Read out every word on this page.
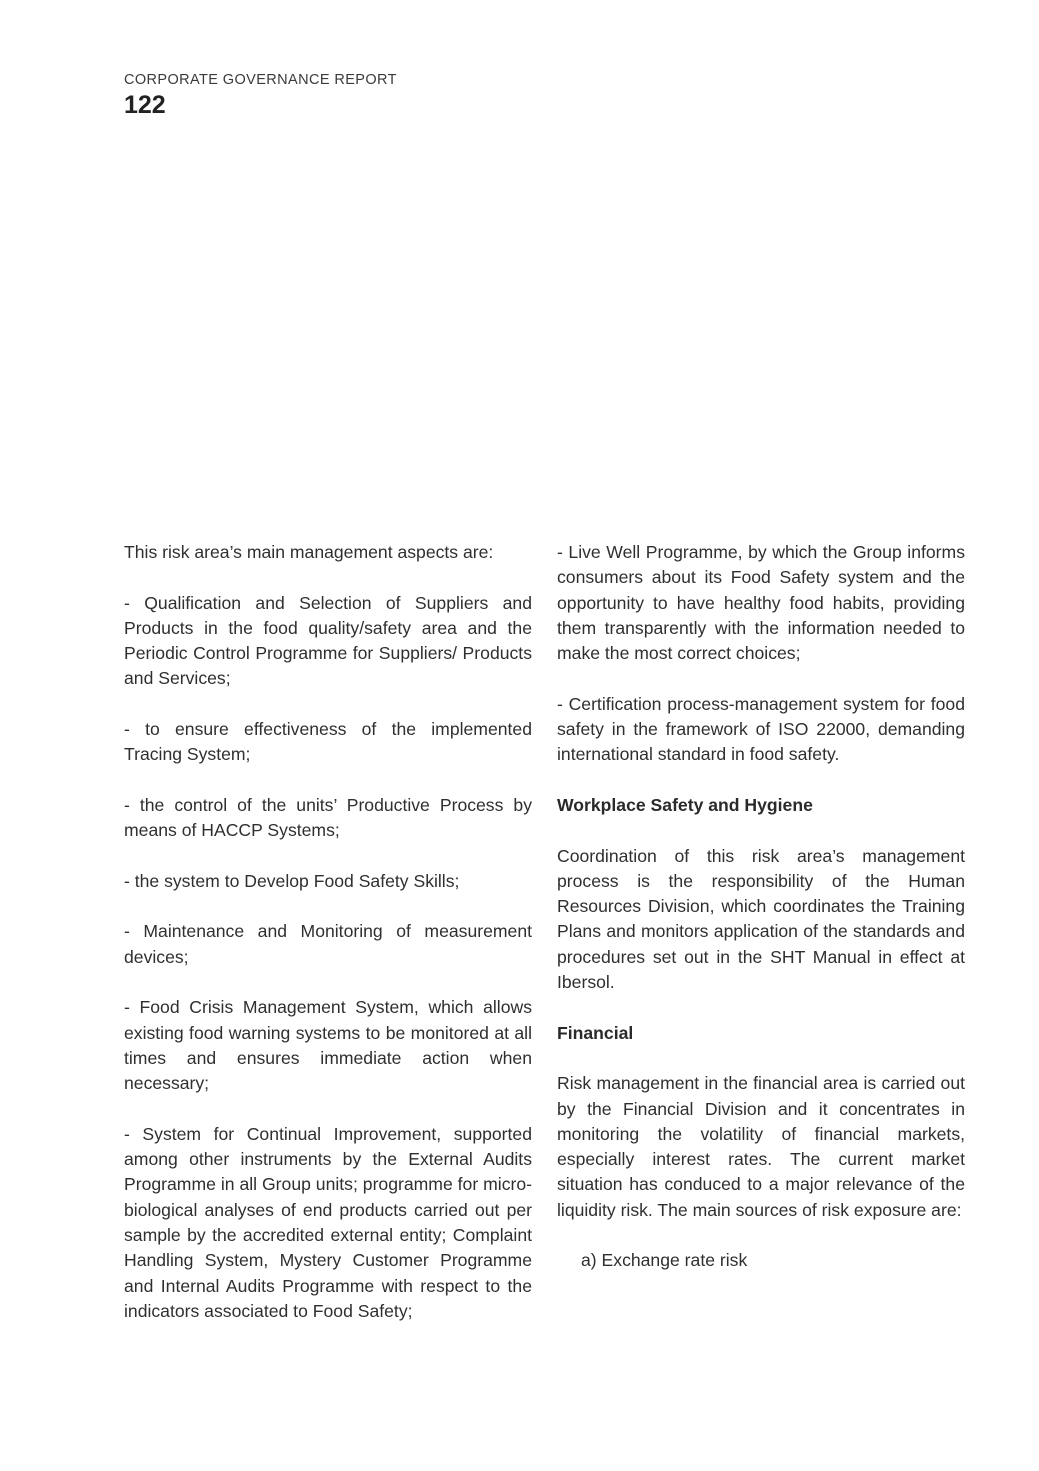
CORPORATE GOVERNANCE REPORT
122

This risk area’s main management aspects are:

- Qualification and Selection of Suppliers and Products in the food quality/safety area and the Periodic Control Programme for Suppliers/ Products and Services;

- to ensure effectiveness of the implemented Tracing System;

- the control of the units’ Productive Process by means of HACCP Systems;

- the system to Develop Food Safety Skills;

- Maintenance and Monitoring of measurement devices;

- Food Crisis Management System, which allows existing food warning systems to be monitored at all times and ensures immediate action when necessary;

- System for Continual Improvement, supported among other instruments by the External Audits Programme in all Group units; programme for micro-biological analyses of end products carried out per sample by the accredited external entity; Complaint Handling System, Mystery Customer Programme and Internal Audits Programme with respect to the indicators associated to Food Safety;

- Live Well Programme, by which the Group informs consumers about its Food Safety system and the opportunity to have healthy food habits, providing them transparently with the information needed to make the most correct choices;

- Certification process-management system for food safety in the framework of ISO 22000, demanding international standard in food safety.

Workplace Safety and Hygiene

Coordination of this risk area’s management process is the responsibility of the Human Resources Division, which coordinates the Training Plans and monitors application of the standards and procedures set out in the SHT Manual in effect at Ibersol.

Financial

Risk management in the financial area is carried out by the Financial Division and it concentrates in monitoring the volatility of financial markets, especially interest rates. The current market situation has conduced to a major relevance of the liquidity risk. The main sources of risk exposure are:

a) Exchange rate risk
